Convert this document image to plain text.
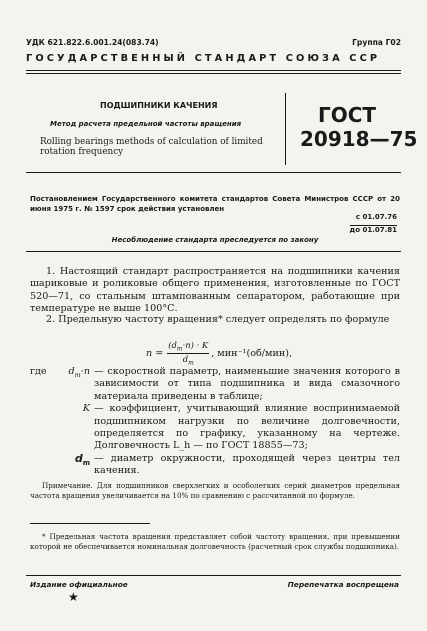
УДК 621.822.6.001.24(083.74)	Группа Г02
ГОСУДАРСТВЕННЫЙ СТАНДАРТ СОЮЗА ССР
ПОДШИПНИКИ КАЧЕНИЯ
Метод расчета предельной частоты вращения
Rolling bearings methods of calculation of limited rotation frequency
ГОСТ
20918—75
Постановлением Государственного комитета стандартов Совета Министров СССР от 20 июня 1975 г. № 1597 срок действия установлен
с 01.07.76
до 01.07.81
Несоблюдение стандарта преследуется по закону

1. Настоящий стандарт распространяется на подшипники качения шариковые и роликовые общего применения, изготовленные по ГОСТ 520—71, со стальным штампованным сепаратором, работающие при температуре не выше 100°С.

2. Предельную частоту вращения* следует определять по формуле

$n = \frac{(d_m\cdot n) \cdot K}{d_m}$ , мин⁻¹(об/мин),
где $d_m\cdot n$ — скоростной параметр, наименьшие значения которого в зависимости от типа подшипника и вида смазочного материала приведены в таблице;
K — коэффициент, учитывающий влияние воспринимаемой подшипником нагрузки по величине долговечности, определяется по графику, указанному на чертеже. Долговечность L_h — по ГОСТ 18855—73;
$d_m$ — диаметр окружности, проходящей через центры тел качения.

Примечание. Для подшипников сверхлегких и особолегких серий диаметров предельная частота вращения увеличивается на 10% по сравнению с рассчитанной по формуле.

* Предельная частота вращения представляет собой частоту вращения, при превышении которой не обеспечивается номинальная долговечность (расчетный срок службы подшипника).

Издание официальное	Перепечатка воспрещена
★
